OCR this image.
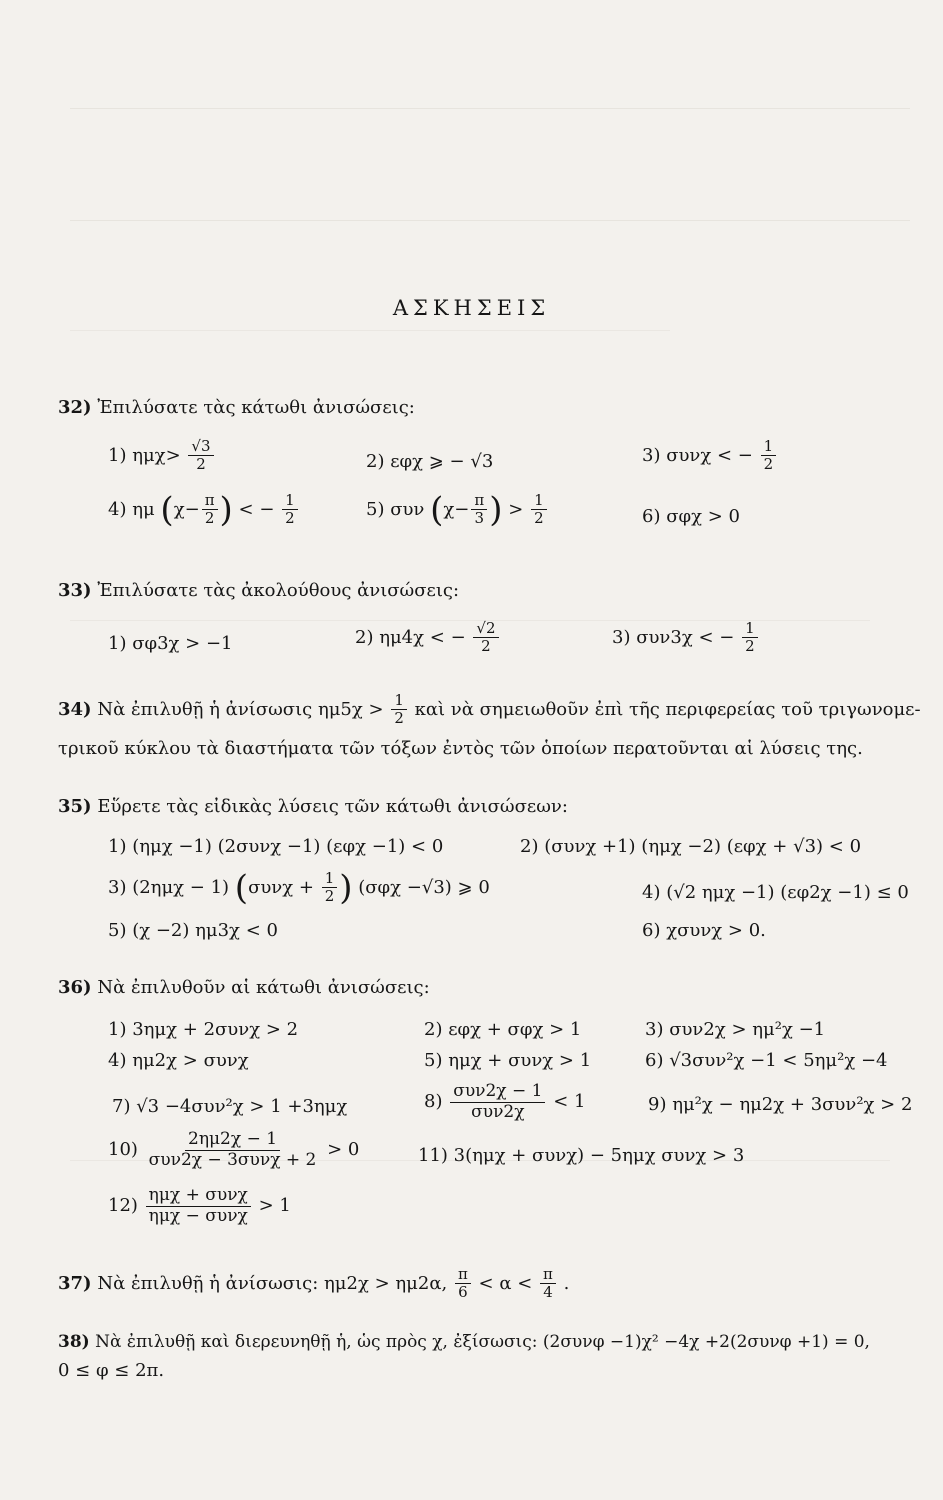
ΑΣΚΗΣΕΙΣ
32) Ἐπιλύσατε τὰς κάτωθι ἀνισώσεις:
1) $\eta\mu\chi> \frac{√3}{2}$	2) εφχ ⩾ − √3	3) συνχ < − $\frac{1}{2}$
4) ημ ($\chi- \frac{\pi}{2}$ ) < − $\frac{1}{2}$	5) συν ($\chi- \frac{\pi}{3}$ ) > $\frac{1}{2}$	6) σφχ > 0
33) Ἐπιλύσατε τὰς ἀκολούθους ἀνισώσεις:
1) σφ3χ > −1	2) ημ4χ < − $\frac{√2}{2}$	3) συν3χ < − $\frac{1}{2}$
34) Νὰ ἐπιλυθῇ ἡ ἀνίσωσις $\eta\mu 5\chi > \frac{1}{2}$ καὶ νὰ σημειωθοῦν ἐπὶ τῆς περιφερείας τοῦ τριγωνομε-
τρικοῦ κύκλου τὰ διαστήματα τῶν τόξων ἐντὸς τῶν ὁποίων περατοῦνται αἱ λύσεις της.
35) Εὕρετε τὰς εἰδικὰς λύσεις τῶν κάτωθι ἀνισώσεων:
1) (ημχ −1) (2συνχ −1) (εφχ −1) < 0	2) (συνχ +1) (ημχ −2) (εφχ + √3) < 0
3) (2ημχ − 1) ($\sigma\upsilon\nu\chi + \frac{1}{2}$ ) (σφχ −√3) ⩾ 0	4) (√2 ημχ −1) (εφ2χ −1) ≤ 0
5) (χ −2) ημ3χ < 0	6) χσυνχ > 0.
36) Νὰ ἐπιλυθοῦν αἱ κάτωθι ἀνισώσεις:
1) 3ημχ + 2συνχ > 2	2) εφχ + σφχ > 1	3) συν2χ > ημ²χ −1
4) ημ2χ > συνχ	5) ημχ + συνχ > 1	6) √3συν²χ −1 < 5ημ²χ −4
7) √3 −4συν²χ > 1 +3ημχ	$8) \frac{\text{συν2χ − 1}}{\text{συν2χ}} < 1$	9) ημ²χ − ημ2χ + 3συν²χ > 2
$10) \frac{2\eta\mu 2\chi - 1}{\text{συν2χ − 3συνχ + 2}} > 0$	11) 3(ημχ + συνχ) − 5ημχ συνχ > 3
$12) \frac{\text{ημχ + συνχ}}{\text{ημχ − συνχ}} > 1$
37) Νὰ ἐπιλυθῇ ἡ ἀνίσωσις: ημ2χ > ημ2α, $\frac{\pi}{6} < \alpha < \frac{\pi}{4}$ .
38) Νὰ ἐπιλυθῇ καὶ διερευνηθῇ ἡ, ὡς πρὸς χ, ἐξίσωσις: (2συνφ −1)χ² −4χ +2(2συνφ +1) = 0,
0 ≤ φ ≤ 2π.
